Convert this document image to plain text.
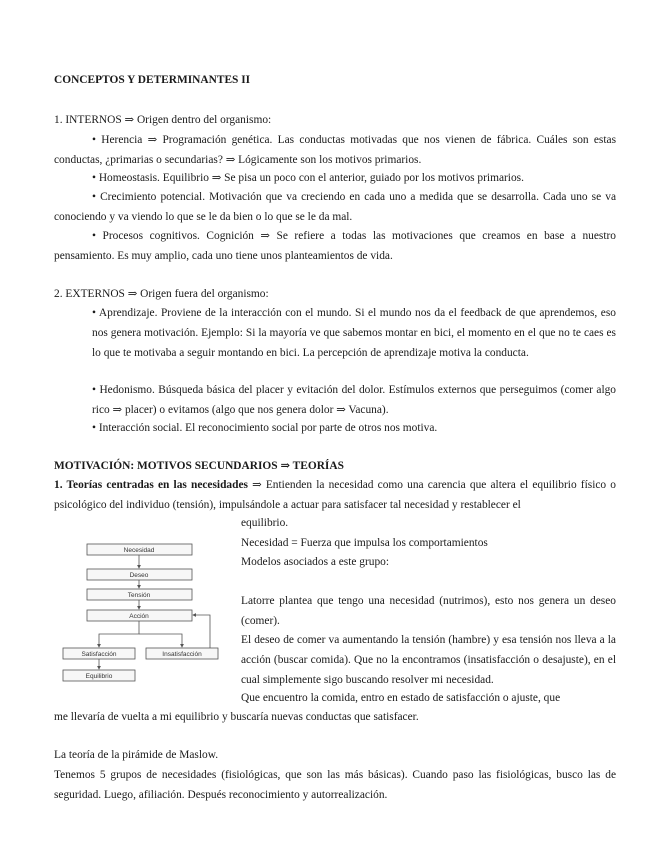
CONCEPTOS Y DETERMINANTES II

1. INTERNOS ⇒ Origen dentro del organismo:

• Herencia ⇒ Programación genética. Las conductas motivadas que nos vienen de fábrica. Cuáles son estas conductas, ¿primarias o secundarias? ⇒ Lógicamente son los motivos primarios.

• Homeostasis. Equilibrio ⇒ Se pisa un poco con el anterior, guiado por los motivos primarios.

• Crecimiento potencial. Motivación que va creciendo en cada uno a medida que se desarrolla. Cada uno se va conociendo y va viendo lo que se le da bien o lo que se le da mal.

• Procesos cognitivos. Cognición ⇒ Se refiere a todas las motivaciones que creamos en base a nuestro pensamiento. Es muy amplio, cada uno tiene unos planteamientos de vida.

2. EXTERNOS ⇒ Origen fuera del organismo:

• Aprendizaje. Proviene de la interacción con el mundo. Si el mundo nos da el feedback de que aprendemos, eso nos genera motivación. Ejemplo: Si la mayoría ve que sabemos montar en bici, el momento en el que no te caes es lo que te motivaba a seguir montando en bici. La percepción de aprendizaje motiva la conducta.

• Hedonismo. Búsqueda básica del placer y evitación del dolor. Estímulos externos que perseguimos (comer algo rico ⇒ placer) o evitamos (algo que nos genera dolor ⇒ Vacuna).

• Interacción social. El reconocimiento social por parte de otros nos motiva.

MOTIVACIÓN: MOTIVOS SECUNDARIOS ⇒ TEORÍAS

1. Teorías centradas en las necesidades ⇒ Entienden la necesidad como una carencia que altera el equilibrio físico o psicológico del individuo (tensión), impulsándole a actuar para satisfacer tal necesidad y restablecer el

equilibrio.

Necesidad = Fuerza que impulsa los comportamientos

Modelos asociados a este grupo:

Latorre plantea que tengo una necesidad (nutrimos), esto nos genera un deseo (comer).

El deseo de comer va aumentando la tensión (hambre) y esa tensión nos lleva a la acción (buscar comida). Que no la encontramos (insatisfacción o desajuste), en el cual simplemente sigo buscando resolver mi necesidad.

Que encuentro la comida, entro en estado de satisfacción o ajuste, que

me llevaría de vuelta a mi equilibrio y buscaría nuevas conductas que satisfacer.

La teoría de la pirámide de Maslow.

Tenemos 5 grupos de necesidades (fisiológicas, que son las más básicas). Cuando paso las fisiológicas, busco las de seguridad. Luego, afiliación. Después reconocimiento y autorrealización.

Necesidad
Deseo
Tensión
Acción
Satisfacción	Insatisfacción
Equilibrio
